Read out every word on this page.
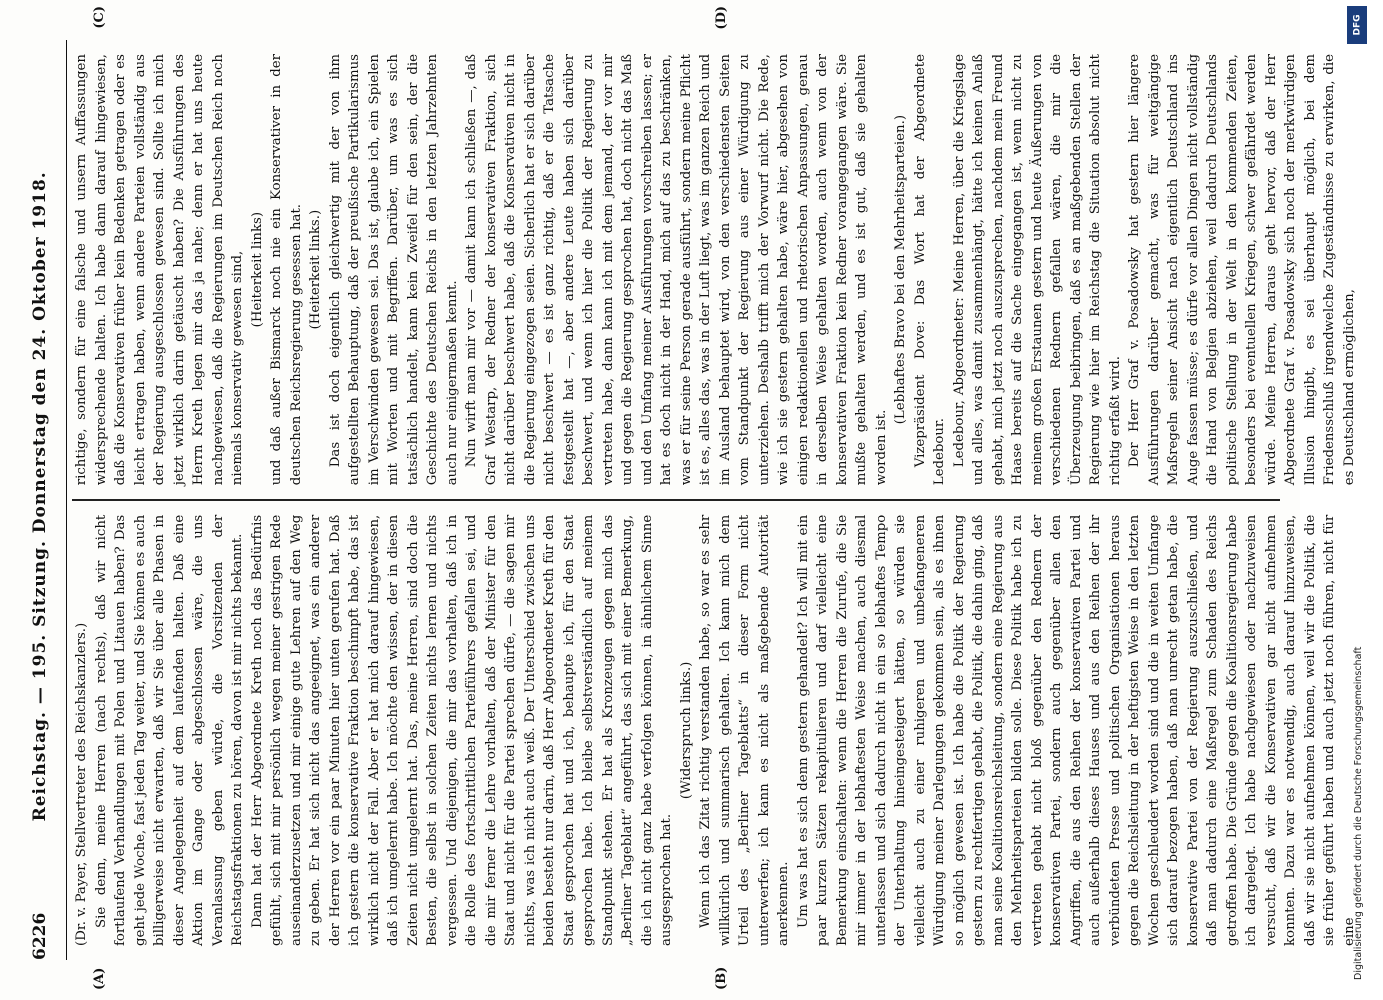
6226
Reichstag. — 195. Sitzung. Donnerstag den 24. Oktober 1918.
(A)	(B)

(Dr. v. Payer, Stellvertreter des Reichskanzlers.) Sie denn, meine Herren (nach rechts), daß wir nicht fortlaufend Verhandlungen mit Polen und Litauen haben? Das geht jede Woche, fast jeden Tag weiter, und Sie können es auch billigerweise nicht erwarten, daß wir Sie über alle Phasen in dieser Angelegenheit auf dem laufenden halten. Daß eine Aktion im Gange oder abgeschlossen wäre, die uns Veranlassung geben würde, die Vorsitzenden der Reichstagsfraktionen zu hören, davon ist mir nichts bekannt. Dann hat der Herr Abgeordnete Kreth noch das Bedürfnis gefühlt, sich mit mir persönlich wegen meiner gestrigen Rede auseinanderzusetzen und mir einige gute Lehren auf den Weg zu geben. Er hat sich nicht das angeeignet, was ein anderer der Herren vor ein paar Minuten hier unten gerufen hat. Daß ich gestern die konservative Fraktion beschimpft habe, das ist wirklich nicht der Fall. Aber er hat mich darauf hingewiesen, daß ich umgelernt habe. Ich möchte den wissen, der in diesen Zeiten nicht umgelernt hat. Das, meine Herren, sind doch die Besten, die selbst in solchen Zeiten nichts lernen und nichts vergessen. Und diejenigen, die mir das vorhalten, daß ich in die Rolle des fortschrittlichen Parteiführers gefallen sei, und die mir ferner die Lehre vorhalten, daß der Minister für den Staat und nicht für die Partei sprechen dürfe, — die sagen mir nichts, was ich nicht auch weiß. Der Unterschied zwischen uns beiden besteht nur darin, daß Herr Abgeordneter Kreth für den Staat gesprochen hat und ich, behaupte ich, für den Staat gesprochen habe. Ich bleibe selbstverständlich auf meinem Standpunkt stehen. Er hat als Kronzeugen gegen mich das „Berliner Tageblatt“ angeführt, das sich mit einer Bemerkung, die ich nicht ganz habe verfolgen können, in ähnlichem Sinne ausgesprochen hat.

(Widerspruch links.) Wenn ich das Zitat richtig verstanden habe, so war es sehr willkürlich und summarisch gehalten. Ich kann mich dem Urteil des „Berliner Tageblatts“ in dieser Form nicht unterwerfen; ich kann es nicht als maßgebende Autorität anerkennen. Um was hat es sich denn gestern gehandelt? Ich will mit ein paar kurzen Sätzen rekapitulieren und darf vielleicht eine Bemerkung einschalten: wenn die Herren die Zurufe, die Sie mir immer in der lebhaftesten Weise machen, auch diesmal unterlassen und sich dadurch nicht in ein so lebhaftes Tempo der Unterhaltung hineingesteigert hätten, so würden sie vielleicht auch zu einer ruhigeren und unbefangeneren Würdigung meiner Darlegungen gekommen sein, als es ihnen so möglich gewesen ist. Ich habe die Politik der Regierung gestern zu rechtfertigen gehabt, die Politik, die dahin ging, daß man seine Koalitionsreichsleitung, sondern eine Regierung aus den Mehrheitsparteien bilden solle. Diese Politik habe ich zu vertreten gehabt nicht bloß gegenüber den Rednern der konservativen Partei, sondern auch gegenüber allen den Angriffen, die aus den Reihen der konservativen Partei und auch außerhalb dieses Hauses und aus den Reihen der ihr verbündeten Presse und politischen Organisationen heraus gegen die Reichsleitung in der heftigsten Weise in den letzten Wochen geschleudert worden sind und die in weiten Umfange sich darauf bezogen haben, daß man unrecht getan habe, die konservative Partei von der Regierung auszuschließen, und daß man dadurch eine Maßregel zum Schaden des Reichs getroffen habe. Die Gründe gegen die Koalitionsregierung habe ich dargelegt. Ich habe nachgewiesen oder nachzuweisen versucht, daß wir die Konservativen gar nicht aufnehmen konnten. Dazu war es notwendig, auch darauf hinzuweisen, daß wir sie nicht aufnehmen können, weil wir die Politik, die sie früher geführt haben und auch jetzt noch führen, nicht für eine

(C)	(D)

richtige, sondern für eine falsche und unsern Auffassungen widersprechende halten. Ich habe dann darauf hingewiesen, daß die Konservativen früher kein Bedenken getragen oder es leicht ertragen haben, wenn andere Parteien vollständig aus der Regierung ausgeschlossen gewesen sind. Sollte ich mich jetzt wirklich darin getäuscht haben? Die Ausführungen des Herrn Kreth legen mir das ja nahe; denn er hat uns heute nachgewiesen, daß die Regierungen im Deutschen Reich noch niemals konservativ gewesen sind, (Heiterkeit links) und daß außer Bismarck noch nie ein Konservativer in der deutschen Reichsregierung gesessen hat. (Heiterkeit links.) Das ist doch eigentlich gleichwertig mit der von ihm aufgestellten Behauptung, daß der preußische Partikularismus im Verschwinden gewesen sei. Das ist, glaube ich, ein Spielen mit Worten und mit Begriffen. Darüber, um was es sich tatsächlich handelt, kann kein Zweifel für den sein, der die Geschichte des Deutschen Reichs in den letzten Jahrzehnten auch nur einigermaßen kennt. Nun wirft man mir vor — damit kann ich schließen —, daß Graf Westarp, der Redner der konservativen Fraktion, sich nicht darüber beschwert habe, daß die Konservativen nicht in die Regierung eingezogen seien. Sicherlich hat er sich darüber nicht beschwert — es ist ganz richtig, daß er die Tatsache festgestellt hat —, aber andere Leute haben sich darüber beschwert, und wenn ich hier die Politik der Regierung zu vertreten habe, dann kann ich mit dem jemand, der vor mir und gegen die Regierung gesprochen hat, doch nicht das Maß und den Umfang meiner Ausführungen vorschreiben lassen; er hat es doch nicht in der Hand, mich auf das zu beschränken, was er für seine Person gerade ausführt, sondern meine Pflicht ist es, alles das, was in der Luft liegt, was im ganzen Reich und im Ausland behauptet wird, von den verschiedensten Seiten vom Standpunkt der Regierung aus einer Würdigung zu unterziehen. Deshalb trifft mich der Vorwurf nicht. Die Rede, wie ich sie gestern gehalten habe, wäre hier, abgesehen von einigen redaktionellen und rhetorischen Anpassungen, genau in derselben Weise gehalten worden, auch wenn von der konservativen Fraktion kein Redner vorangegangen wäre. Sie mußte gehalten werden, und es ist gut, daß sie gehalten worden ist.

(Lebhaftes Bravo bei den Mehrheitsparteien.) Vizepräsident Dove: Das Wort hat der Abgeordnete Ledebour. Ledebour, Abgeordneter: Meine Herren, über die Kriegslage und alles, was damit zusammenhängt, hätte ich keinen Anlaß gehabt, mich jetzt noch auszusprechen, nachdem mein Freund Haase bereits auf die Sache eingegangen ist, wenn nicht zu meinem großen Erstaunen gestern und heute Äußerungen von verschiedenen Rednern gefallen wären, die mir die Überzeugung beibringen, daß es an maßgebenden Stellen der Regierung wie hier im Reichstag die Situation absolut nicht richtig erfaßt wird. Der Herr Graf v. Posadowsky hat gestern hier längere Ausführungen darüber gemacht, was für weitgängige Maßregeln seiner Ansicht nach eigentlich Deutschland ins Auge fassen müsse; es dürfe vor allen Dingen nicht vollständig die Hand von Belgien abziehen, weil dadurch Deutschlands politische Stellung in der Welt in den kommenden Zeiten, besonders bei eventuellen Kriegen, schwer gefährdet werden würde. Meine Herren, daraus geht hervor, daß der Herr Abgeordnete Graf v. Posadowsky sich noch der merkwürdigen Illusion hingibt, es sei überhaupt möglich, bei dem Friedensschluß irgendwelche Zugeständnisse zu erwirken, die es Deutschland ermöglichen,

DFG
Digitalisierung gefördert durch die Deutsche Forschungsgemeinschaft
